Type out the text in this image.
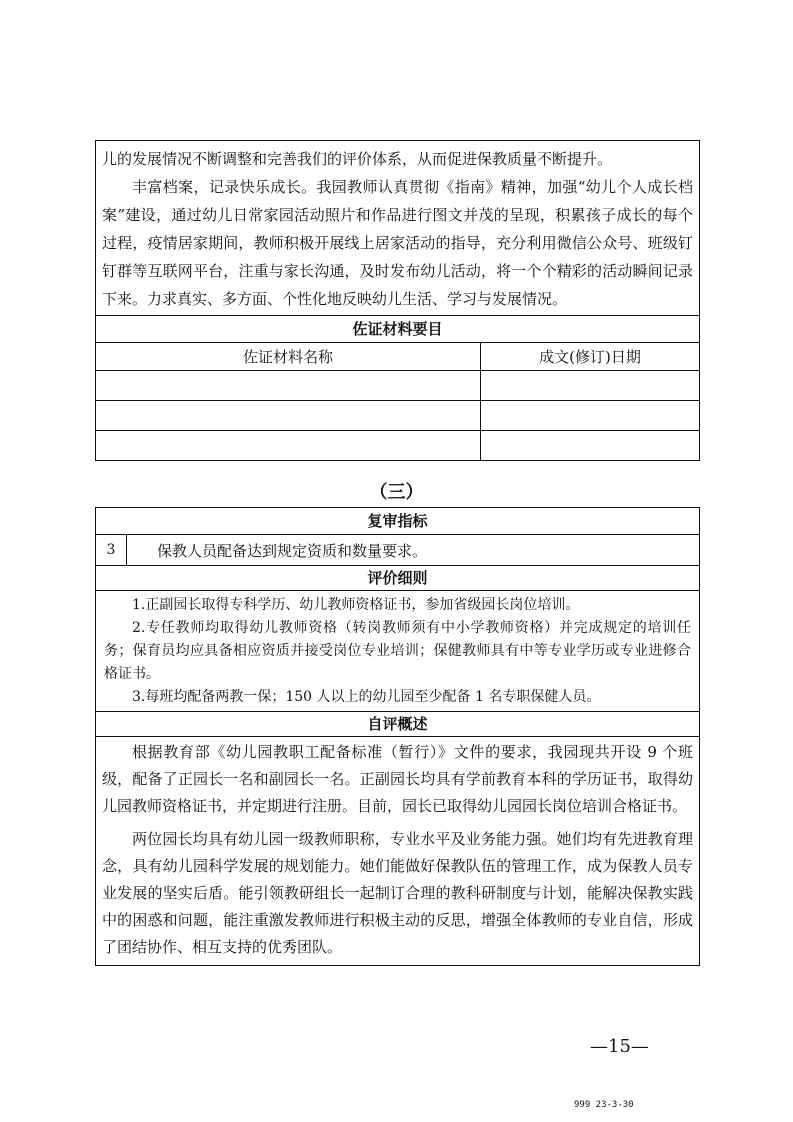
儿的发展情况不断调整和完善我们的评价体系，从而促进保教质量不断提升。

丰富档案，记录快乐成长。我园教师认真贯彻《指南》精神，加强“幼儿个人成长档案”建设，通过幼儿日常家园活动照片和作品进行图文并茂的呈现，积累孩子成长的每个过程，疫情居家期间，教师积极开展线上居家活动的指导，充分利用微信公众号、班级钉钉群等互联网平台，注重与家长沟通，及时发布幼儿活动，将一个个精彩的活动瞬间记录下来。力求真实、多方面、个性化地反映幼儿生活、学习与发展情况。

佐证材料要目
佐证材料名称	成文(修订)日期
（三）
复审指标
3	保教人员配备达到规定资质和数量要求。
评价细则

1.正副园长取得专科学历、幼儿教师资格证书，参加省级园长岗位培训。

2.专任教师均取得幼儿教师资格（转岗教师须有中小学教师资格）并完成规定的培训任务；保育员均应具备相应资质并接受岗位专业培训；保健教师具有中等专业学历或专业进修合格证书。

3.每班均配备两教一保；150 人以上的幼儿园至少配备 1 名专职保健人员。

自评概述

根据教育部《幼儿园教职工配备标准（暂行）》文件的要求，我园现共开设 9 个班级，配备了正园长一名和副园长一名。正副园长均具有学前教育本科的学历证书，取得幼儿园教师资格证书，并定期进行注册。目前，园长已取得幼儿园园长岗位培训合格证书。

两位园长均具有幼儿园一级教师职称，专业水平及业务能力强。她们均有先进教育理念，具有幼儿园科学发展的规划能力。她们能做好保教队伍的管理工作，成为保教人员专业发展的坚实后盾。能引领教研组长一起制订合理的教科研制度与计划，能解决保教实践中的困惑和问题，能注重激发教师进行积极主动的反思，增强全体教师的专业自信，形成了团结协作、相互支持的优秀团队。

—15—
999 23-3-30
